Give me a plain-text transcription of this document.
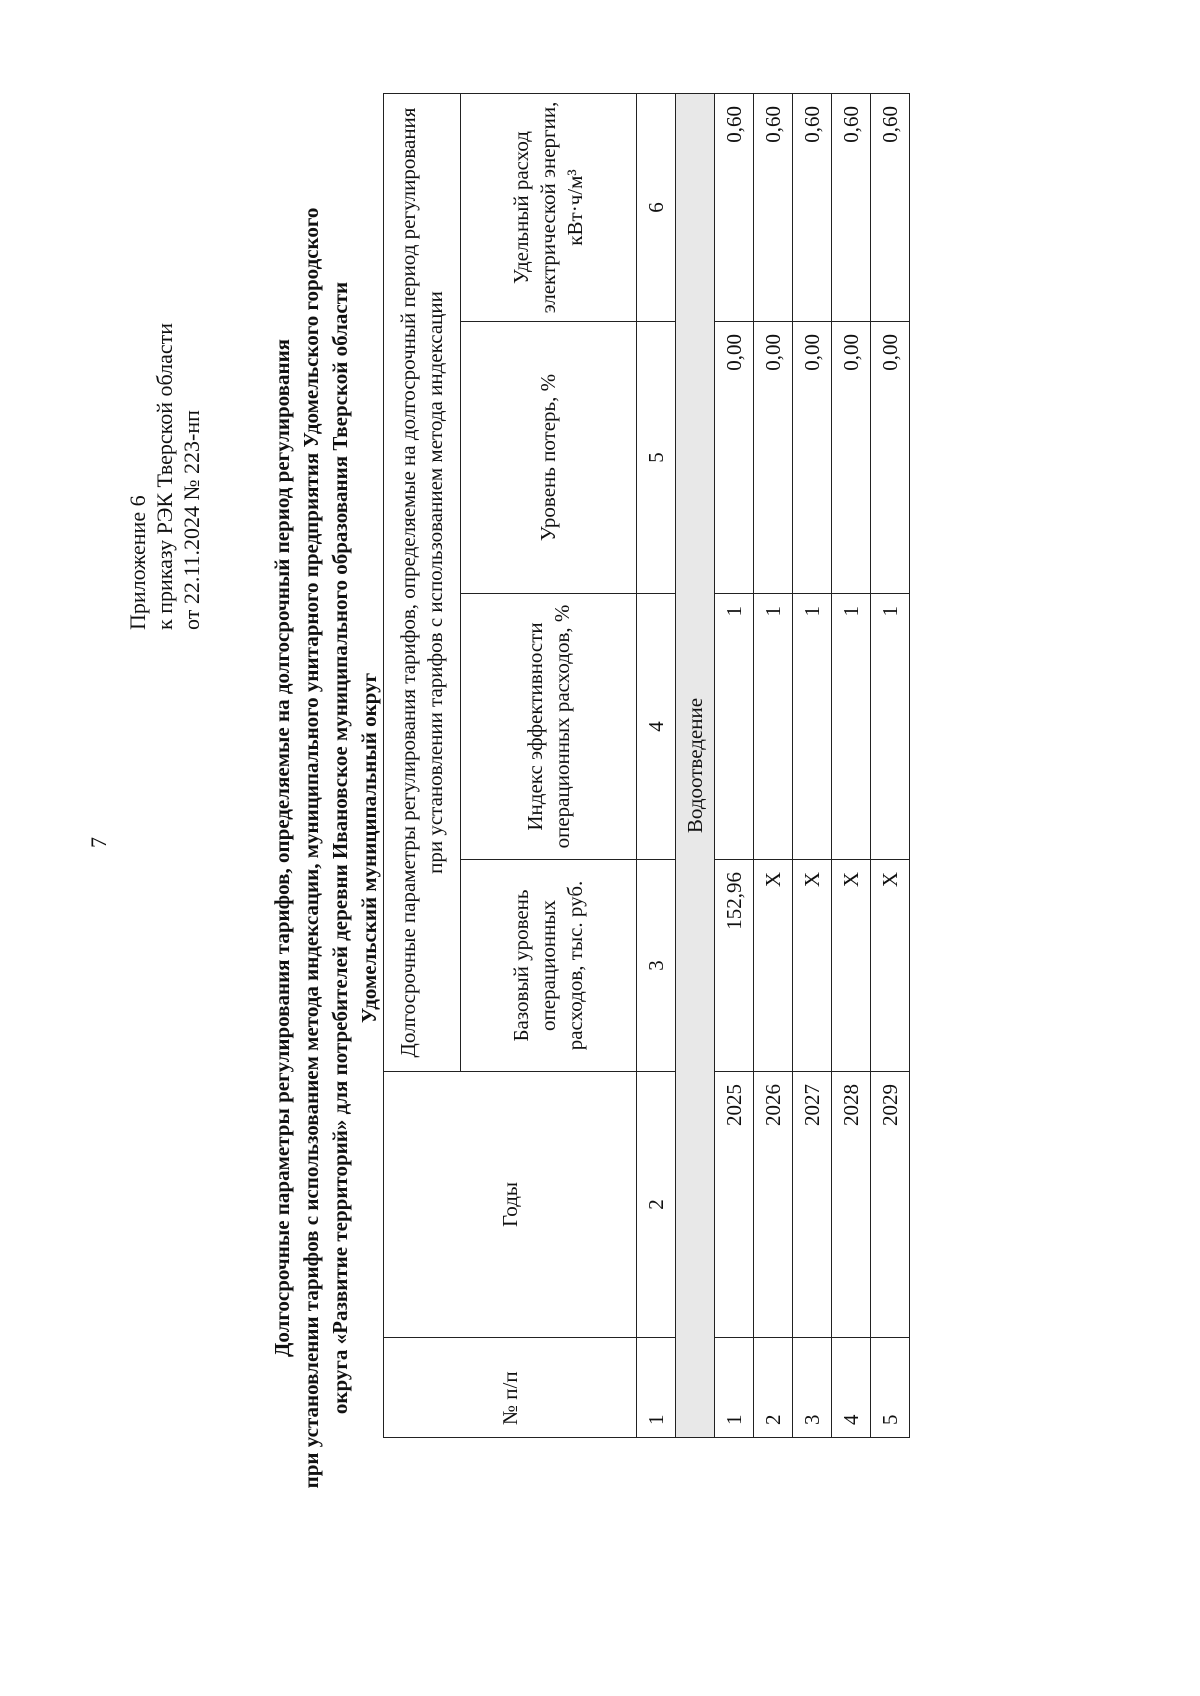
7
Приложение 6 к приказу РЭК Тверской области от 22.11.2024 № 223-нп	Долгосрочные параметры регулирования тарифов, определяемые на долгосрочный период регулирования при установлении тарифов с использованием метода индексации, муниципального унитарного предприятия Удомельского городского округа «Развитие территорий» для потребителей деревни Ивановское муниципального образования Тверской области Удомельский муниципальный округ
№ п/п	Годы	Долгосрочные параметры регулирования тарифов, определяемые на долгосрочный период регулирования при установлении тарифов с использованием метода индексации			

		Базовый уровень операционных расходов, тыс. руб.	Индекс эффективности операционных расходов, %	Уровень потерь, %	Удельный расход электрической энергии, кВт·ч/м³

1	2	3	4	5	6
Водоотведение					
1	2025	152,96	1	0,00	0,60
2	2026	X	1	0,00	0,60
3	2027	X	1	0,00	0,60
4	2028	X	1	0,00	0,60
5	2029	X	1	0,00	0,60
